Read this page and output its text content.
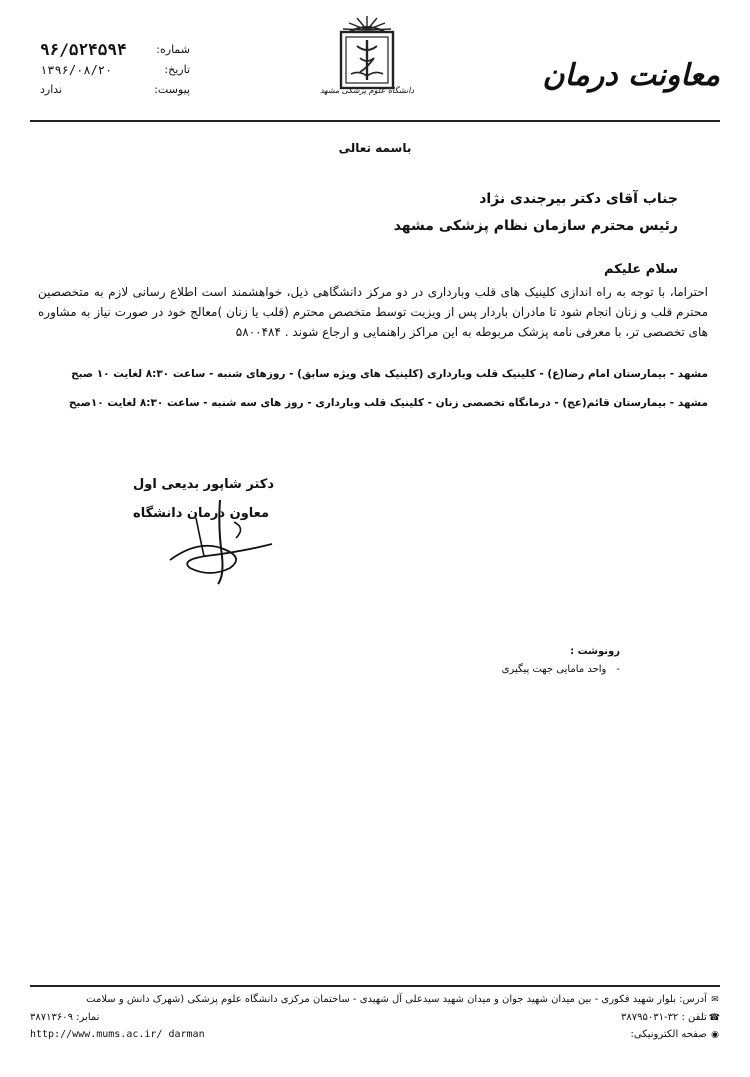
معاونت درمان
شماره:
۹۶/۵۲۴۵۹۴
تاریخ:
۱۳۹۶/۰۸/۲۰
پیوست:
ندارد	دانشگاه علوم پزشکی مشهد
باسمه تعالی
جناب آقای دکتر بیرجندی نژاد
رئیس محترم سازمان نظام پزشکی مشهد
سلام علیکم
احتراما، با توجه به راه اندازی کلینیک های قلب وبارداری در دو مرکز دانشگاهی ذیل، خواهشمند است اطلاع رسانی لازم به متخصصین محترم قلب و زنان انجام شود تا مادران باردار پس از ویزیت توسط متخصص محترم (قلب یا زنان )معالج خود در صورت نیاز به مشاوره های تخصصی تر، با معرفی نامه پزشک مربوطه به این مراکز راهنمایی و ارجاع شوند . ۵۸۰۰۴۸۴
مشهد - بیمارستان امام رضا(ع) - کلینیک قلب وبارداری (کلینیک های ویژه سابق) - روزهای شنبه - ساعت ۸:۳۰ لغایت ۱۰ صبح
مشهد - بیمارستان قائم(عج) - درمانگاه تخصصی زنان - کلینیک قلب وبارداری - روز های سه شنبه - ساعت ۸:۳۰ لغایت ۱۰صبح
دکتر شاپور بدیعی اول
معاون درمان دانشگاه
رونوشت :
-
واحد مامایی جهت پیگیری
✉ آدرس: بلوار شهید فکوری - بین میدان شهید جوان و میدان شهید سیدعلی آل شهیدی - ساختمان مرکزی دانشگاه علوم پزشکی (شهرک دانش و سلامت
☎ تلفن : ۳۲-۳۸۷۹۵۰۳۱
نمابر: ۳۸۷۱۳۶۰۹
◉ صفحه الکترونیکی:
http://www.mums.ac.ir/ darman
